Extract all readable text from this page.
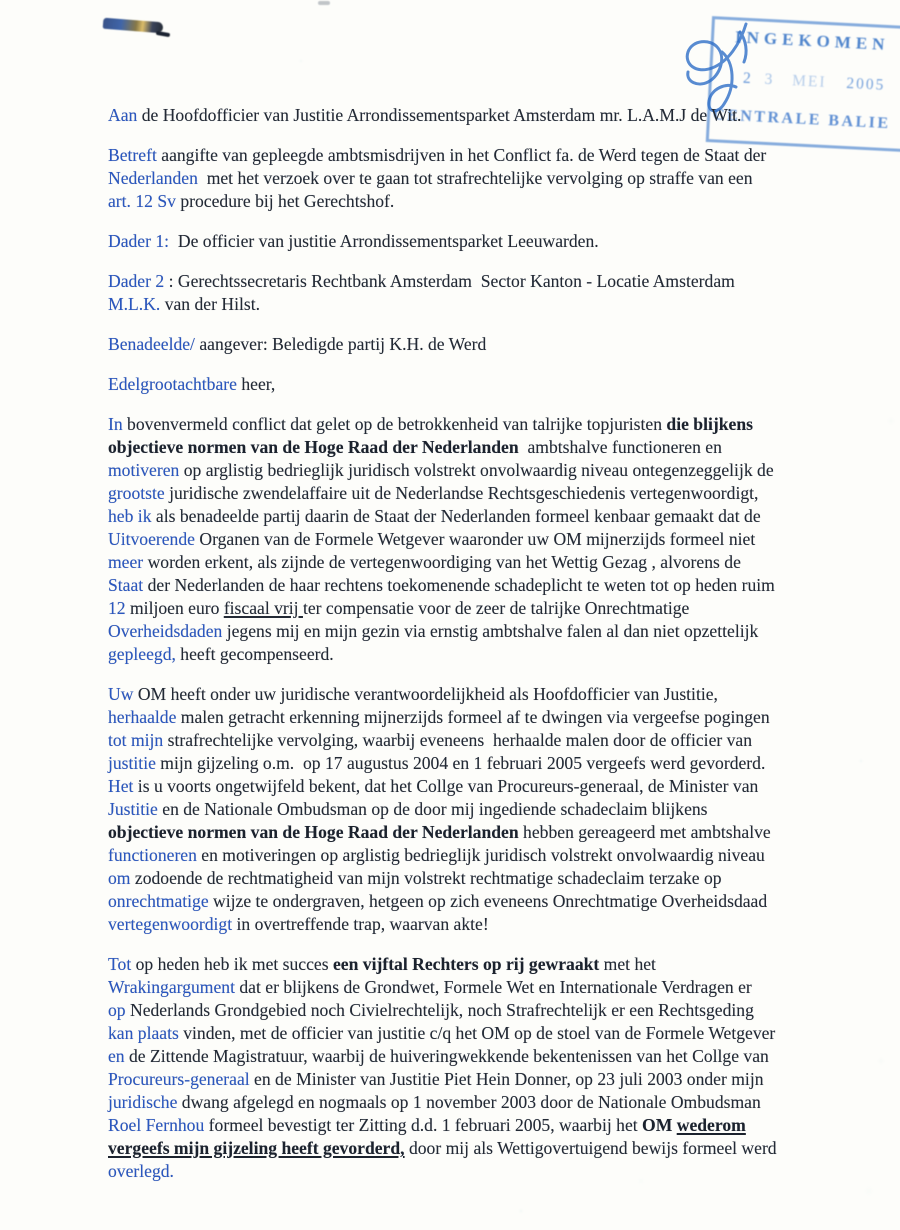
INGEKOMEN
2 3 MEI 2005
CENTRALE BALIE
Aan de Hoofdofficier van Justitie Arrondissementsparket Amsterdam mr. L.A.M.J de Wit.
Betreft aangifte van gepleegde ambtsmisdrijven in het Conflict fa. de Werd tegen de Staat der
Nederlanden  met het verzoek over te gaan tot strafrechtelijke vervolging op straffe van een
art. 12 Sv procedure bij het Gerechtshof.
Dader 1:  De officier van justitie Arrondissementsparket Leeuwarden.
Dader 2 : Gerechtssecretaris Rechtbank Amsterdam  Sector Kanton - Locatie Amsterdam
M.L.K. van der Hilst.
Benadeelde/ aangever: Beledigde partij K.H. de Werd
Edelgrootachtbare heer,
In bovenvermeld conflict dat gelet op de betrokkenheid van talrijke topjuristen die blijkens
objectieve normen van de Hoge Raad der Nederlanden  ambtshalve functioneren en
motiveren op arglistig bedrieglijk juridisch volstrekt onvolwaardig niveau ontegenzeggelijk de
grootste juridische zwendelaffaire uit de Nederlandse Rechtsgeschiedenis vertegenwoordigt,
heb ik als benadeelde partij daarin de Staat der Nederlanden formeel kenbaar gemaakt dat de
Uitvoerende Organen van de Formele Wetgever waaronder uw OM mijnerzijds formeel niet
meer worden erkent, als zijnde de vertegenwoordiging van het Wettig Gezag , alvorens de
Staat der Nederlanden de haar rechtens toekomenende schadeplicht te weten tot op heden ruim
12 miljoen euro fiscaal vrij ter compensatie voor de zeer de talrijke Onrechtmatige
Overheidsdaden jegens mij en mijn gezin via ernstig ambtshalve falen al dan niet opzettelijk
gepleegd, heeft gecompenseerd.
Uw OM heeft onder uw juridische verantwoordelijkheid als Hoofdofficier van Justitie,
herhaalde malen getracht erkenning mijnerzijds formeel af te dwingen via vergeefse pogingen
tot mijn strafrechtelijke vervolging, waarbij eveneens  herhaalde malen door de officier van
justitie mijn gijzeling o.m.  op 17 augustus 2004 en 1 februari 2005 vergeefs werd gevorderd.
Het is u voorts ongetwijfeld bekent, dat het Collge van Procureurs-generaal, de Minister van
Justitie en de Nationale Ombudsman op de door mij ingediende schadeclaim blijkens
objectieve normen van de Hoge Raad der Nederlanden hebben gereageerd met ambtshalve
functioneren en motiveringen op arglistig bedrieglijk juridisch volstrekt onvolwaardig niveau
om zodoende de rechtmatigheid van mijn volstrekt rechtmatige schadeclaim terzake op
onrechtmatige wijze te ondergraven, hetgeen op zich eveneens Onrechtmatige Overheidsdaad
vertegenwoordigt in overtreffende trap, waarvan akte!
Tot op heden heb ik met succes een vijftal Rechters op rij gewraakt met het
Wrakingargument dat er blijkens de Grondwet, Formele Wet en Internationale Verdragen er
op Nederlands Grondgebied noch Civielrechtelijk, noch Strafrechtelijk er een Rechtsgeding
kan plaats vinden, met de officier van justitie c/q het OM op de stoel van de Formele Wetgever
en de Zittende Magistratuur, waarbij de huiveringwekkende bekentenissen van het Collge van
Procureurs-generaal en de Minister van Justitie Piet Hein Donner, op 23 juli 2003 onder mijn
juridische dwang afgelegd en nogmaals op 1 november 2003 door de Nationale Ombudsman
Roel Fernhou formeel bevestigt ter Zitting d.d. 1 februari 2005, waarbij het OM wederom
vergeefs mijn gijzeling heeft gevorderd, door mij als Wettigovertuigend bewijs formeel werd
overlegd.
